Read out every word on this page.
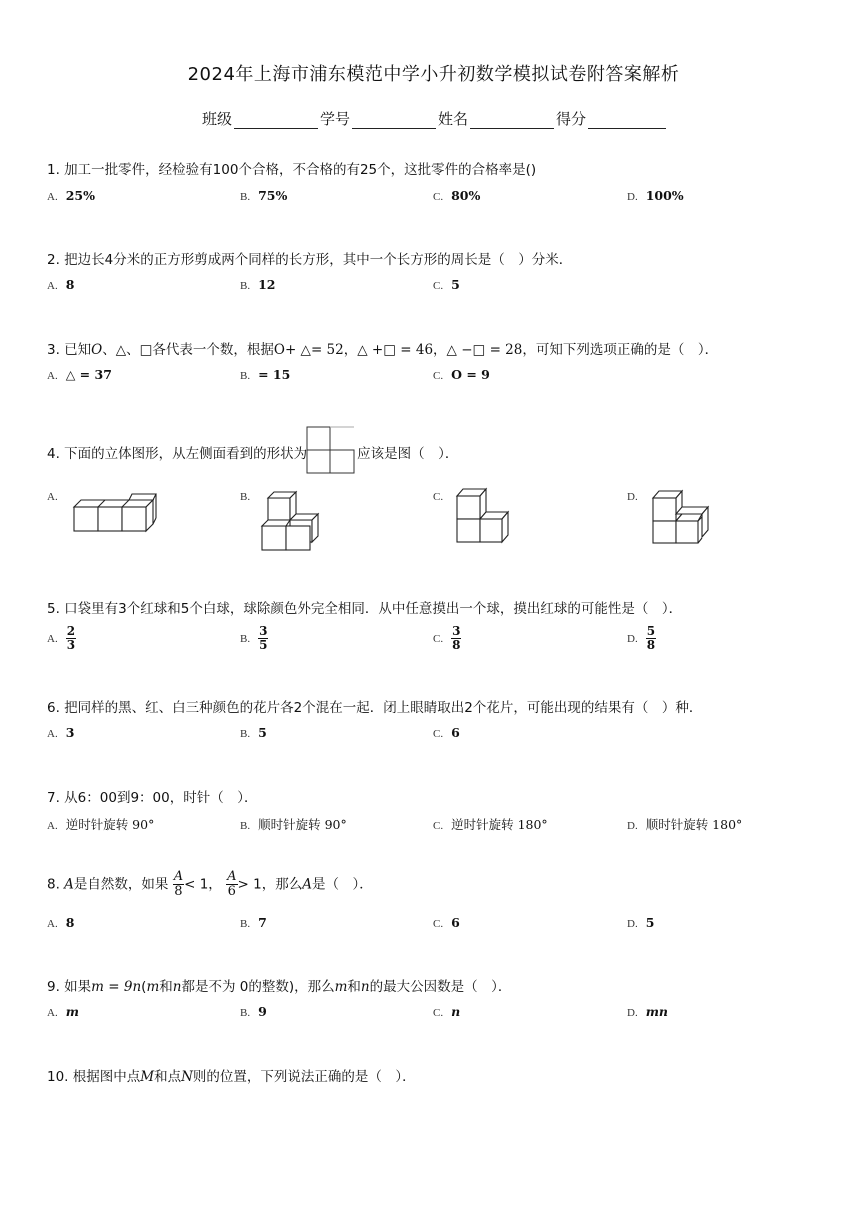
2024年上海市浦东模范中学小升初数学模拟试卷附答案解析
班级	学号	姓名	得分
1. 加工一批零件，经检验有100个合格，不合格的有25个，这批零件的合格率是()
A. 25%	B. 75%	C. 80%	D. 100%
2. 把边长4分米的正方形剪成两个同样的长方形，其中一个长方形的周长是（　）分米．
A. 8	B. 12	C. 5
3. 已知O、△、□各代表一个数，根据O+ △= 52，△ +□ = 46，△ −□ = 28，可知下列选项正确的是（　）．
A. △ = 37	B. = 15	C. O = 9
4. 下面的立体图形，从左侧面看到的形状为	应该是图（　）．
A.	B.	C.	D.
5. 口袋里有3个红球和5个白球，球除颜色外完全相同．从中任意摸出一个球，摸出红球的可能性是（　）．
A. $\frac{2}{3}$	B. $\frac{3}{5}$	C. $\frac{3}{8}$	D. $\frac{5}{8}$
6. 把同样的黑、红、白三种颜色的花片各2个混在一起．闭上眼睛取出2个花片，可能出现的结果有（　）种．
A. 3	B. 5	C. 6
7. 从6：00到9：00，时针（　）．
A. 逆时针旋转 90°	B. 顺时针旋转 90°	C. 逆时针旋转 180°	D. 顺时针旋转 180°
8. A是自然数，如果 $\frac{A}{8} < 1$， $\frac{A}{6} > 1$，那么A是（　）．
A. 8	B. 7	C. 6	D. 5
9. 如果m = 9n(m和n都是不为 0的整数)，那么m和n的最大公因数是（　）．
A. m	B. 9	C. n	D. mn
10. 根据图中点M和点N则的位置，下列说法正确的是（　）．
